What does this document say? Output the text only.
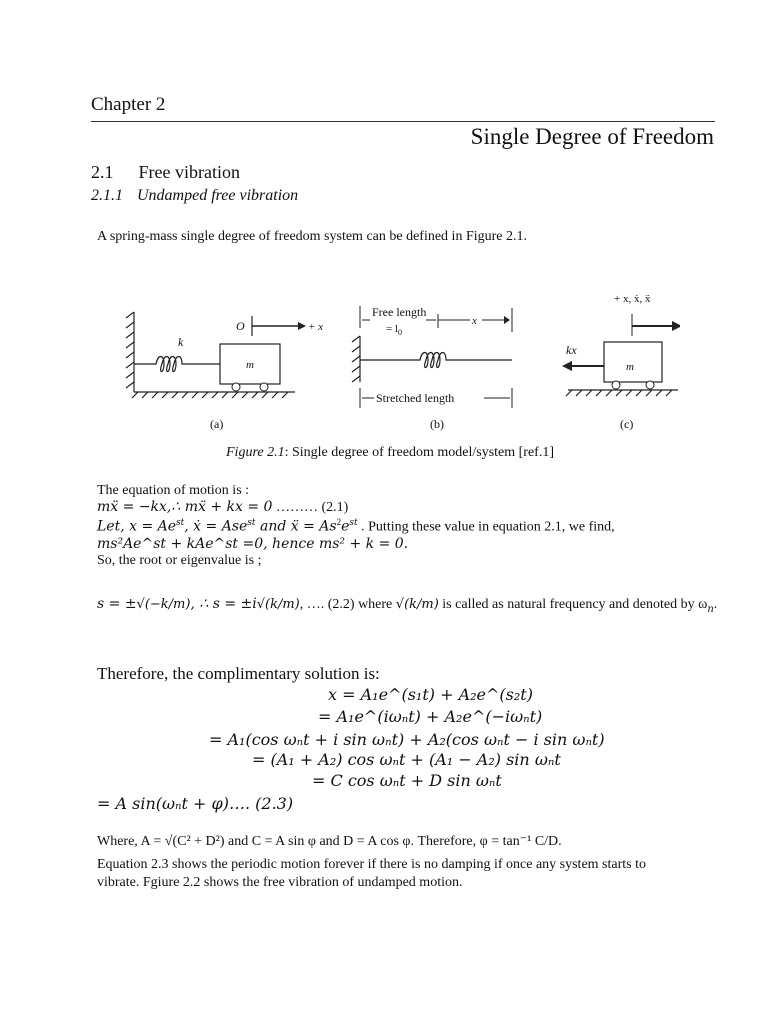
Chapter 2
Single Degree of Freedom
2.1 Free vibration
2.1.1 Undamped free vibration
A spring-mass single degree of freedom system can be defined in Figure 2.1.
k
m
O	+ x
(a)
Free length
= $l_0$
x
Stretched length
(b)
+ x, ẋ, ẍ
kx
m
(c)
Figure 2.1: Single degree of freedom model/system [ref.1]
The equation of motion is :
mẍ = −kx,∴ mẍ + kx = 0 ……… (2.1)
Let, $x = Ae^{st}$, ẋ = Ase$^{st}$ and ẍ = $As^2e^{st}$ . Putting these value in equation 2.1, we find,
ms²Ae^st + kAe^st =0, hence ms² + k = 0.
So, the root or eigenvalue is ;
s = ±√(−k/m), ∴ s = ±i√(k/m), …. (2.2) where √(k/m) is called as natural frequency and denoted by $\omega_n$.
Therefore, the complimentary solution is:
x = A₁e^(s₁t) + A₂e^(s₂t)
= A₁e^(iωₙt) + A₂e^(−iωₙt)
= A₁(cos ωₙt + i sin ωₙt) + A₂(cos ωₙt − i sin ωₙt)
= (A₁ + A₂) cos ωₙt + (A₁ − A₂) sin ωₙt
= C cos ωₙt + D sin ωₙt
= A sin(ωₙt + φ)…. (2.3)
Where, A = √(C² + D²) and C = A sin φ and D = A cos φ. Therefore, φ = tan⁻¹ C/D.
Equation 2.3 shows the periodic motion forever if there is no damping if once any system starts to
vibrate. Fgiure 2.2 shows the free vibration of undamped motion.
